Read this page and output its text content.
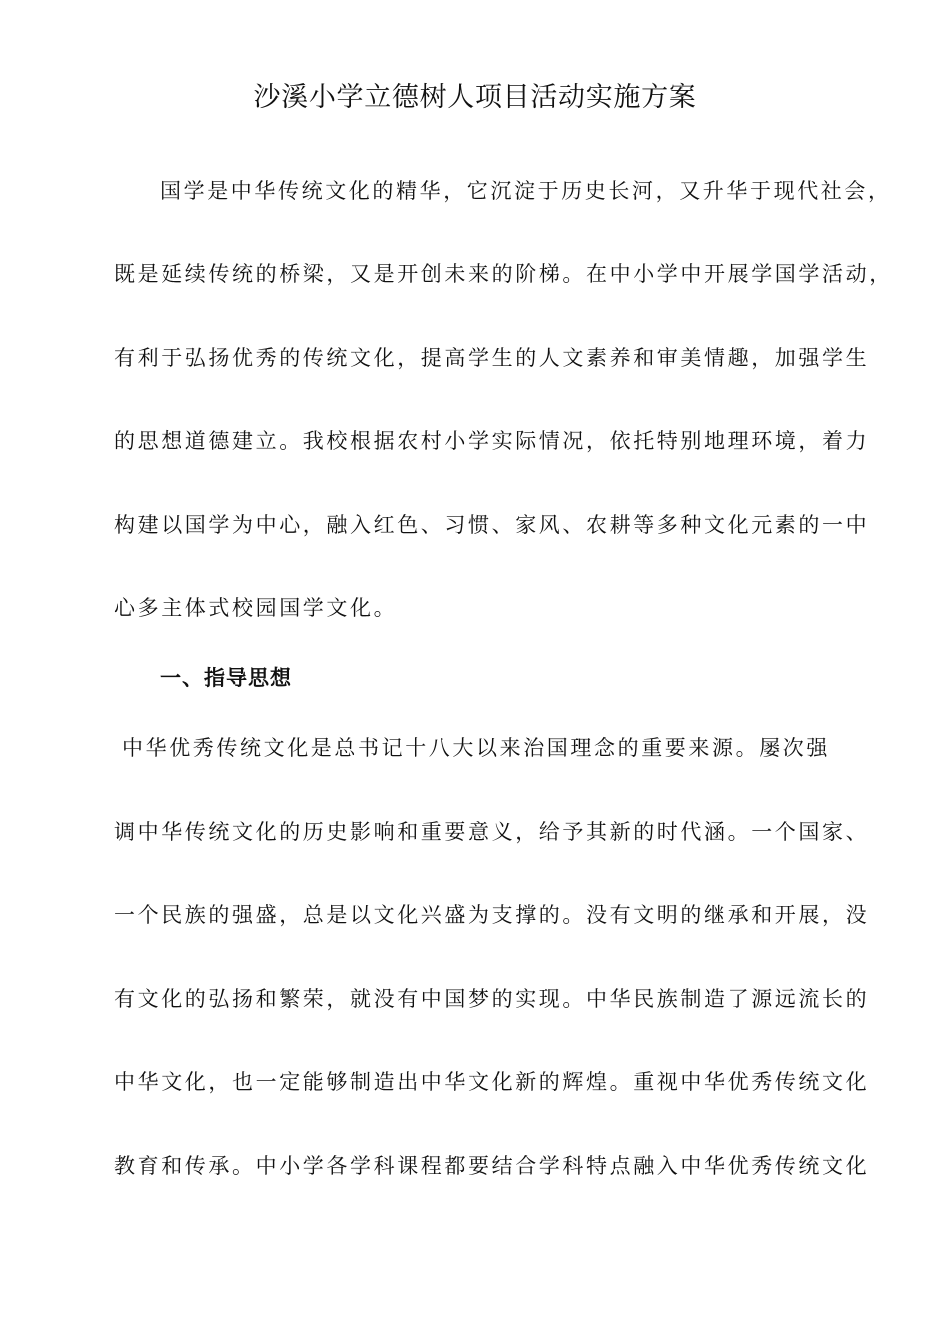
沙溪小学立德树人项目活动实施方案
国学是中华传统文化的精华，它沉淀于历史长河，又升华于现代社会，
既是延续传统的桥梁，又是开创未来的阶梯。在中小学中开展学国学活动，
有利于弘扬优秀的传统文化，提高学生的人文素养和审美情趣，加强学生
的思想道德建立。我校根据农村小学实际情况，依托特别地理环境，着力
构建以国学为中心，融入红色、习惯、家风、农耕等多种文化元素的一中
心多主体式校园国学文化。
一、指导思想
中华优秀传统文化是总书记十八大以来治国理念的重要来源。屡次强
调中华传统文化的历史影响和重要意义，给予其新的时代涵。一个国家、
一个民族的强盛，总是以文化兴盛为支撑的。没有文明的继承和开展，没
有文化的弘扬和繁荣，就没有中国梦的实现。中华民族制造了源远流长的
中华文化，也一定能够制造出中华文化新的辉煌。重视中华优秀传统文化
教育和传承。中小学各学科课程都要结合学科特点融入中华优秀传统文化
